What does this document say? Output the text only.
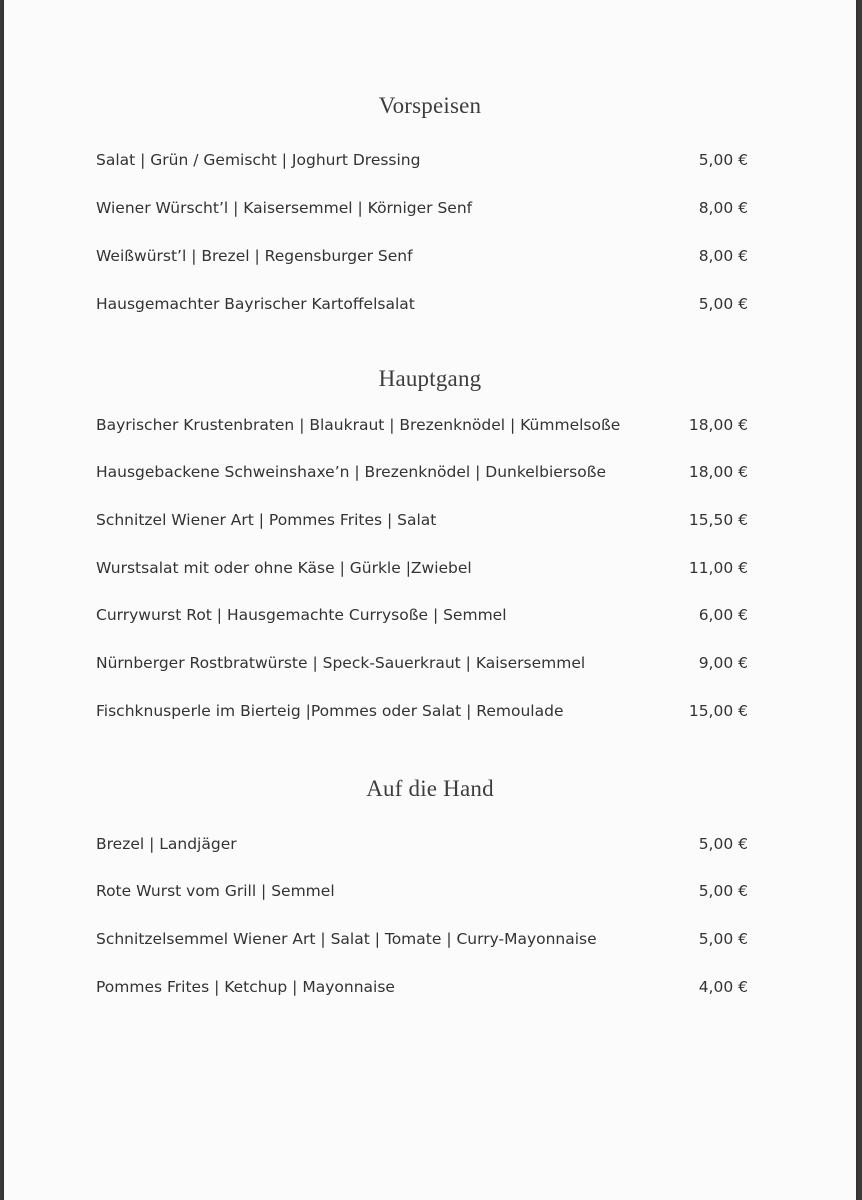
Vorspeisen
Salat | Grün / Gemischt | Joghurt Dressing	5,00 €
Wiener Würscht’l | Kaisersemmel | Körniger Senf	8,00 €
Weißwürst’l | Brezel | Regensburger Senf	8,00 €
Hausgemachter Bayrischer Kartoffelsalat	5,00 €
Hauptgang
Bayrischer Krustenbraten | Blaukraut | Brezenknödel | Kümmelsoße	18,00 €
Hausgebackene Schweinshaxe’n | Brezenknödel | Dunkelbiersoße	18,00 €
Schnitzel Wiener Art | Pommes Frites | Salat	15,50 €
Wurstsalat mit oder ohne Käse | Gürkle |Zwiebel	11,00 €
Currywurst Rot | Hausgemachte Currysoße | Semmel	6,00 €
Nürnberger Rostbratwürste | Speck-Sauerkraut | Kaisersemmel	9,00 €
Fischknusperle im Bierteig |Pommes oder Salat | Remoulade	15,00 €
Auf die Hand
Brezel | Landjäger	5,00 €
Rote Wurst vom Grill | Semmel	5,00 €
Schnitzelsemmel Wiener Art | Salat | Tomate | Curry-Mayonnaise	5,00 €
Pommes Frites | Ketchup | Mayonnaise	4,00 €
